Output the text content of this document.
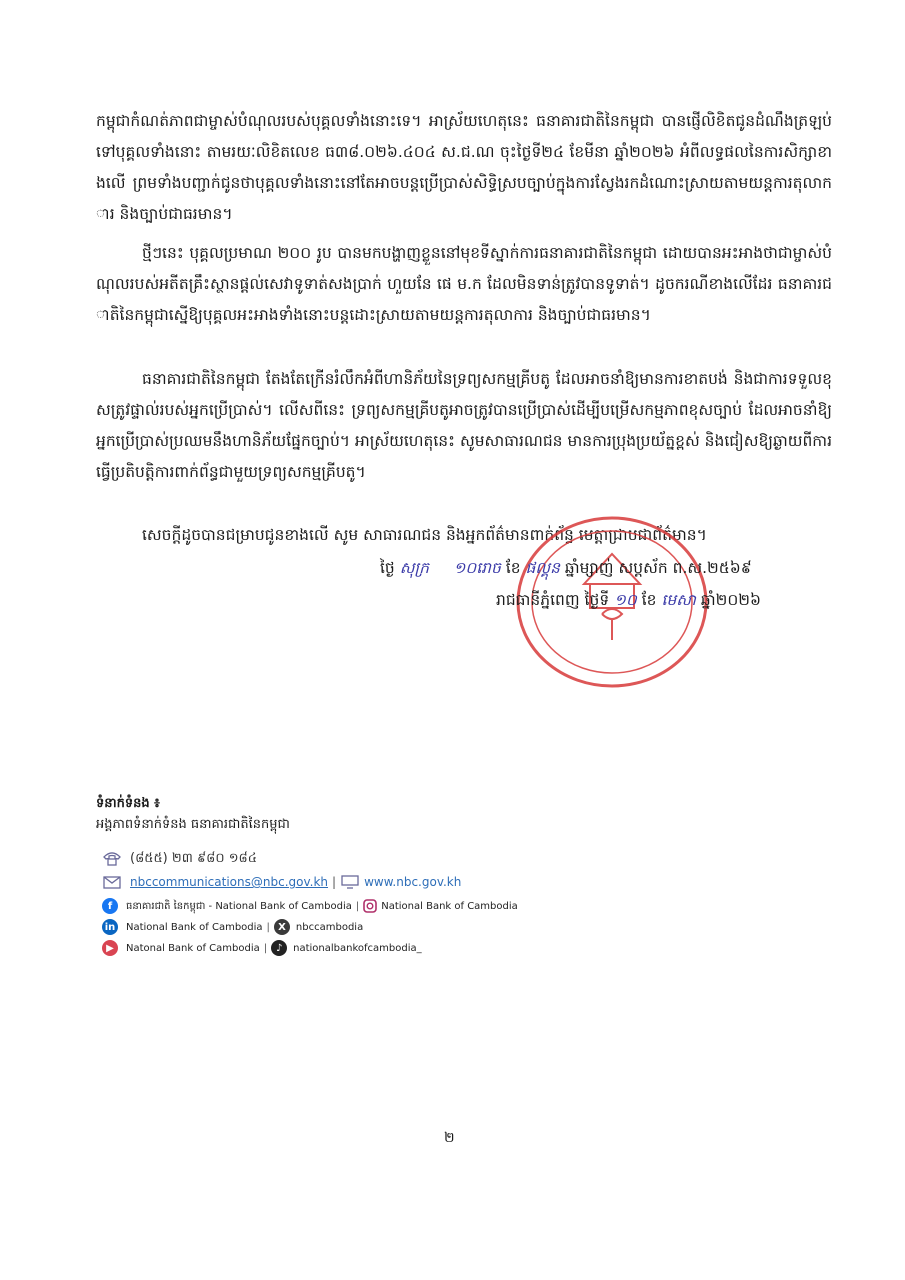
កម្ពុជាកំណត់ភាពជាម្ចាស់បំណុលរបស់បុគ្គលទាំងនោះទេ។ អាស្រ័យហេតុនេះ ធនាគារជាតិនៃកម្ពុជា បានផ្ញើលិខិតជូនដំណឹងត្រឡប់ទៅបុគ្គលទាំងនោះ តាមរយៈលិខិតលេខ ធ៣៨.០២៦.៤០៤ ស.ជ.ណ ចុះថ្ងៃទី២៤ ខែមីនា ឆ្នាំ២០២៦ អំពីលទ្ធផលនៃការសិក្សាខាងលើ ព្រមទាំងបញ្ជាក់ជូនថាបុគ្គលទាំងនោះនៅតែអាចបន្តប្រើប្រាស់សិទ្ធិស្របច្បាប់ក្នុងការស្វែងរកដំណោះស្រាយតាមយន្តការតុលាការ និងច្បាប់ជាធរមាន។

ថ្មីៗនេះ បុគ្គលប្រមាណ ២០០ រូប បានមកបង្ហាញខ្លួននៅមុខទីស្នាក់ការធនាគារជាតិនៃកម្ពុជា ដោយបានអះអាងថាជាម្ចាស់បំណុលរបស់អតីតគ្រឹះស្ថានផ្តល់សេវាទូទាត់សងប្រាក់ ហួយនែ ផេ ម.ក ដែលមិនទាន់ត្រូវបានទូទាត់។ ដូចករណីខាងលើដែរ ធនាគារជាតិនៃកម្ពុជាស្នើឱ្យបុគ្គលអះអាងទាំងនោះបន្តដោះស្រាយតាមយន្តការតុលាការ និងច្បាប់ជាធរមាន។

ធនាគារជាតិនៃកម្ពុជា តែងតែក្រើនរំលឹកអំពីហានិភ័យនៃទ្រព្យសកម្មគ្រីបតូ ដែលអាចនាំឱ្យមានការខាតបង់ និងជាការទទួលខុសត្រូវផ្ទាល់របស់អ្នកប្រើប្រាស់។ លើសពីនេះ ទ្រព្យសកម្មគ្រីបតូអាចត្រូវបានប្រើប្រាស់ដើម្បីបម្រើសកម្មភាពខុសច្បាប់ ដែលអាចនាំឱ្យអ្នកប្រើប្រាស់ប្រឈមនឹងហានិភ័យផ្នែកច្បាប់។ អាស្រ័យហេតុនេះ សូមសាធារណជន មានការប្រុងប្រយ័ត្នខ្ពស់ និងជៀសឱ្យឆ្ងាយពីការធ្វើប្រតិបត្តិការពាក់ព័ន្ធជាមួយទ្រព្យសកម្មគ្រីបតូ។

សេចក្តីដូចបានជម្រាបជូនខាងលើ សូម សាធារណជន និងអ្នកព័ត៌មានពាក់ព័ន្ធ មេត្តាជ្រាបជាព័ត៌មាន។

ថ្ងៃ សុក្រ ១០រោច ខែ ផល្គុន ឆ្នាំម្សាញ់ សប្តស័ក ព.ស.២៥៦៩
រាជធានីភ្នំពេញ ថ្ងៃទី ១០ ខែ មេសា ឆ្នាំ២០២៦
ទំនាក់ទំនង ៖
អង្គភាពទំនាក់ទំនង ធនាគារជាតិនៃកម្ពុជា
(៨៥៥) ២៣ ៩៨០ ១៨៤
nbccommunications@nbc.gov.kh | www.nbc.gov.kh
f	ធនាគារជាតិ នៃកម្ពុជា - National Bank of Cambodia | National Bank of Cambodia
in National Bank of Cambodia | X	nbccambodia
▶	Natonal Bank of Cambodia | ♪	nationalbankofcambodia_
២
